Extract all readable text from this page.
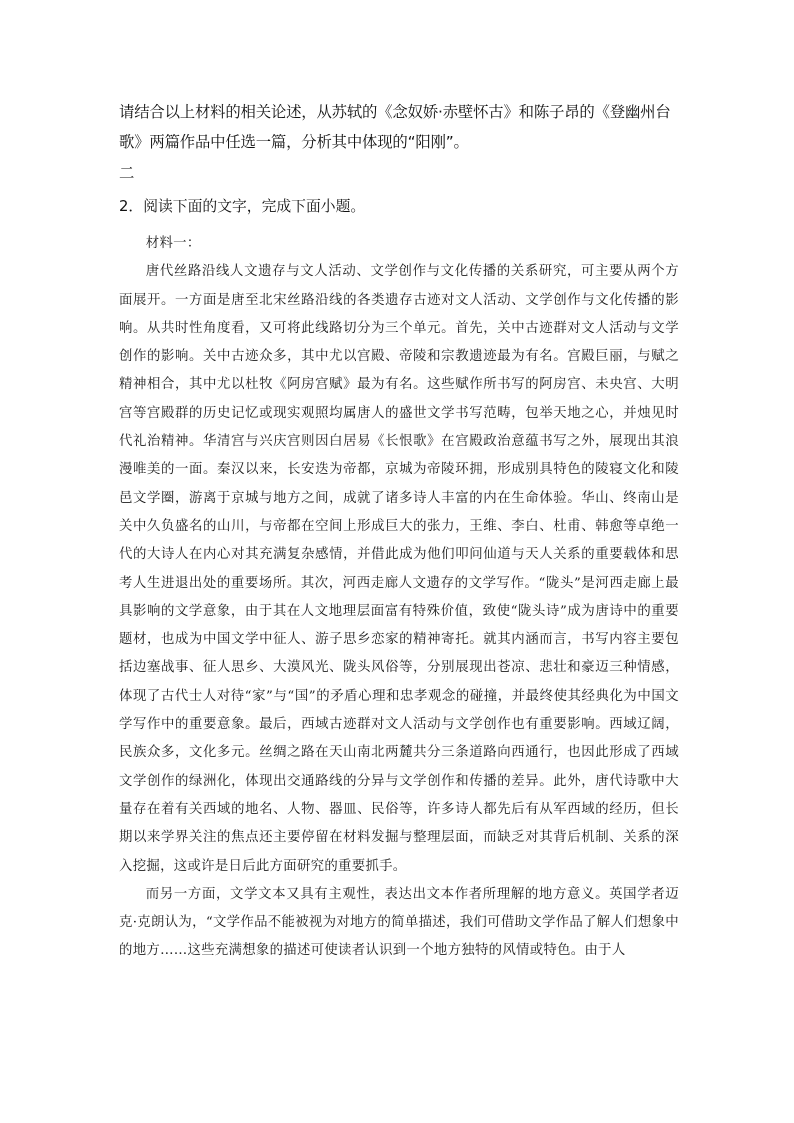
请结合以上材料的相关论述，从苏轼的《念奴娇·赤壁怀古》和陈子昂的《登幽州台歌》两篇作品中任选一篇，分析其中体现的“阳刚”。
二
2．阅读下面的文字，完成下面小题。

材料一：

唐代丝路沿线人文遗存与文人活动、文学创作与文化传播的关系研究，可主要从两个方面展开。一方面是唐至北宋丝路沿线的各类遗存古迹对文人活动、文学创作与文化传播的影响。从共时性角度看，又可将此线路切分为三个单元。首先，关中古迹群对文人活动与文学创作的影响。关中古迹众多，其中尤以宫殿、帝陵和宗教遗迹最为有名。宫殿巨丽，与赋之精神相合，其中尤以杜牧《阿房宫赋》最为有名。这些赋作所书写的阿房宫、未央宫、大明宫等宫殿群的历史记忆或现实观照均属唐人的盛世文学书写范畴，包举天地之心，并烛见时代礼治精神。华清宫与兴庆宫则因白居易《长恨歌》在宫殿政治意蕴书写之外，展现出其浪漫唯美的一面。秦汉以来，长安迭为帝都，京城为帝陵环拥，形成别具特色的陵寝文化和陵邑文学圈，游离于京城与地方之间，成就了诸多诗人丰富的内在生命体验。华山、终南山是关中久负盛名的山川，与帝都在空间上形成巨大的张力，王维、李白、杜甫、韩愈等卓绝一代的大诗人在内心对其充满复杂感情，并借此成为他们叩问仙道与天人关系的重要载体和思考人生进退出处的重要场所。其次，河西走廊人文遗存的文学写作。“陇头”是河西走廊上最具影响的文学意象，由于其在人文地理层面富有特殊价值，致使“陇头诗”成为唐诗中的重要题材，也成为中国文学中征人、游子思乡恋家的精神寄托。就其内涵而言，书写内容主要包括边塞战事、征人思乡、大漠风光、陇头风俗等，分别展现出苍凉、悲壮和豪迈三种情感，体现了古代士人对待“家”与“国”的矛盾心理和忠孝观念的碰撞，并最终使其经典化为中国文学写作中的重要意象。最后，西域古迹群对文人活动与文学创作也有重要影响。西域辽阔，民族众多，文化多元。丝绸之路在天山南北两麓共分三条道路向西通行，也因此形成了西域文学创作的绿洲化，体现出交通路线的分异与文学创作和传播的差异。此外，唐代诗歌中大量存在着有关西域的地名、人物、器皿、民俗等，许多诗人都先后有从军西域的经历，但长期以来学界关注的焦点还主要停留在材料发掘与整理层面，而缺乏对其背后机制、关系的深入挖掘，这或许是日后此方面研究的重要抓手。

而另一方面，文学文本又具有主观性，表达出文本作者所理解的地方意义。英国学者迈克·克朗认为，“文学作品不能被视为对地方的简单描述，我们可借助文学作品了解人们想象中的地方……这些充满想象的描述可使读者认识到一个地方独特的风情或特色。由于人
